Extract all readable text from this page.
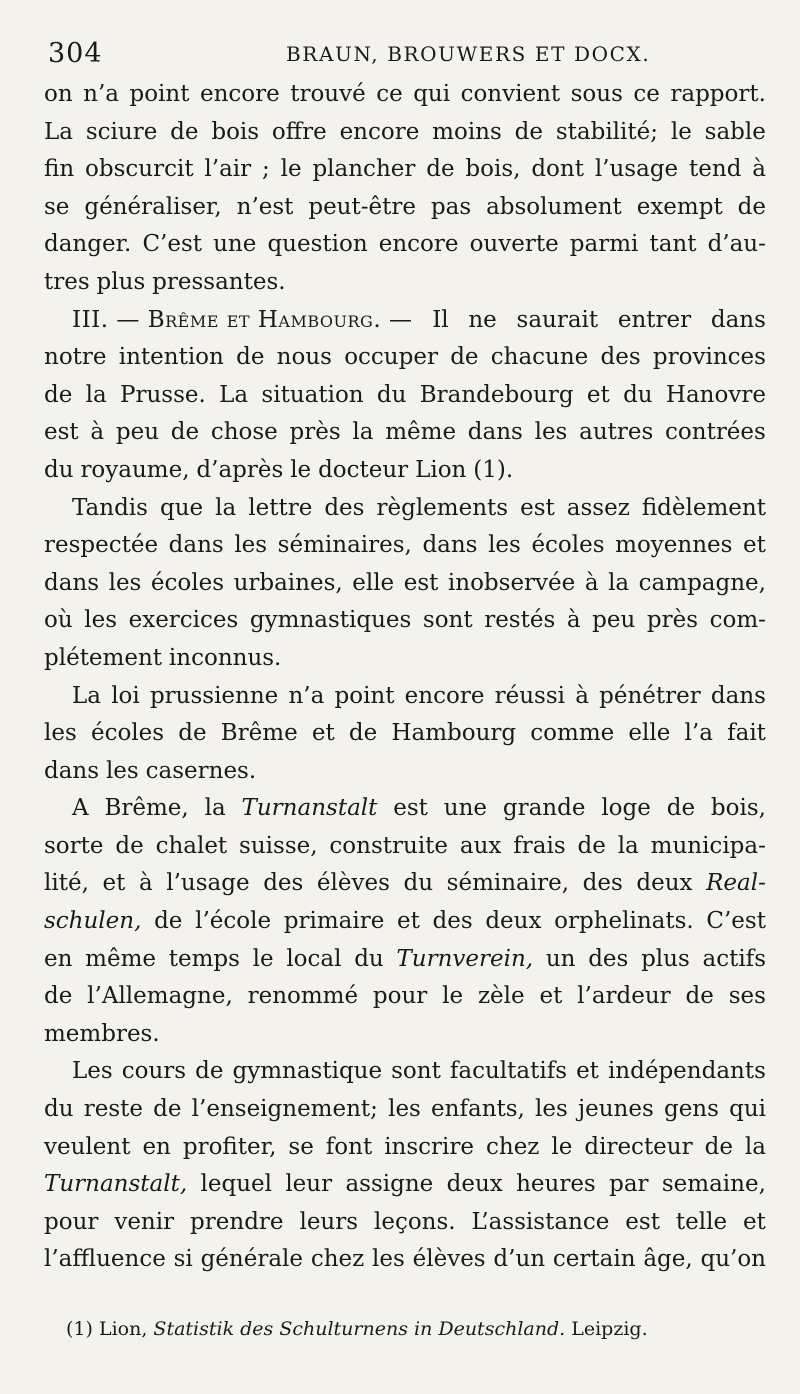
304	BRAUN, BROUWERS ET DOCX.
on n’a point encore trouvé ce qui convient sous ce rapport.
La sciure de bois offre encore moins de stabilité; le sable
fin obscurcit l’air ; le plancher de bois, dont l’usage tend à
se généraliser, n’est peut-être pas absolument exempt de
danger. C’est une question encore ouverte parmi tant d’au-
tres plus pressantes.
III. — Brême et Hambourg. — Il ne saurait entrer dans
notre intention de nous occuper de chacune des provinces
de la Prusse. La situation du Brandebourg et du Hanovre
est à peu de chose près la même dans les autres contrées
du royaume, d’après le docteur Lion (1).
Tandis que la lettre des règlements est assez fidèlement
respectée dans les séminaires, dans les écoles moyennes et
dans les écoles urbaines, elle est inobservée à la campagne,
où les exercices gymnastiques sont restés à peu près com-
plétement inconnus.
La loi prussienne n’a point encore réussi à pénétrer dans
les écoles de Brême et de Hambourg comme elle l’a fait
dans les casernes.
A Brême, la Turnanstalt est une grande loge de bois,
sorte de chalet suisse, construite aux frais de la municipa-
lité, et à l’usage des élèves du séminaire, des deux Real-
schulen, de l’école primaire et des deux orphelinats. C’est
en même temps le local du Turnverein, un des plus actifs
de l’Allemagne, renommé pour le zèle et l’ardeur de ses
membres.
Les cours de gymnastique sont facultatifs et indépendants
du reste de l’enseignement; les enfants, les jeunes gens qui
veulent en profiter, se font inscrire chez le directeur de la
Turnanstalt, lequel leur assigne deux heures par semaine,
pour venir prendre leurs leçons. L’assistance est telle et
l’affluence si générale chez les élèves d’un certain âge, qu’on
(1) Lion, Statistik des Schulturnens in Deutschland. Leipzig.
